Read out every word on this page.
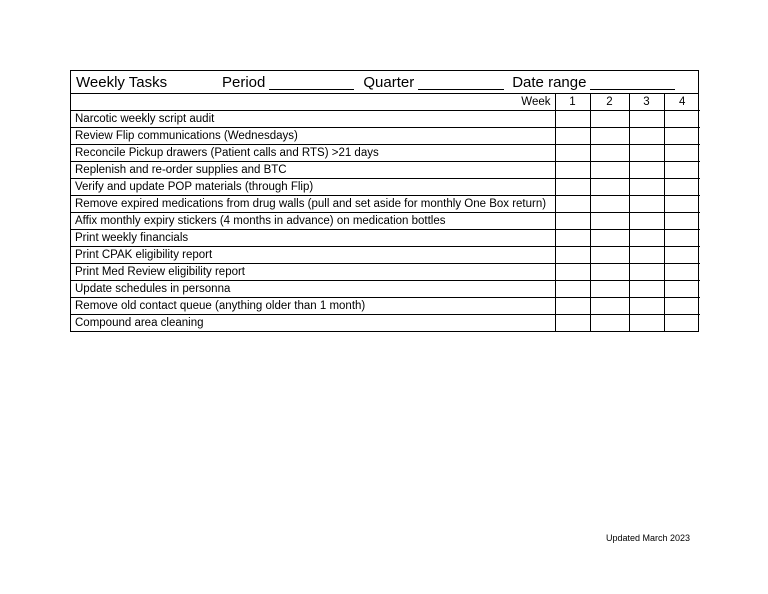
Weekly Tasks	Period	Quarter	Date range
Week	1	2	3	4
Narcotic weekly script audit				
Review Flip communications (Wednesdays)				
Reconcile Pickup drawers (Patient calls and RTS) >21 days				
Replenish and re-order supplies and BTC				
Verify and update POP materials (through Flip)				
Remove expired medications from drug walls (pull and set aside for monthly One Box return)				
Affix monthly expiry stickers (4 months in advance) on medication bottles				
Print weekly financials				
Print CPAK eligibility report				
Print Med Review eligibility report				
Update schedules in personna				
Remove old contact queue (anything older than 1 month)				
Compound area cleaning				
Updated March 2023
